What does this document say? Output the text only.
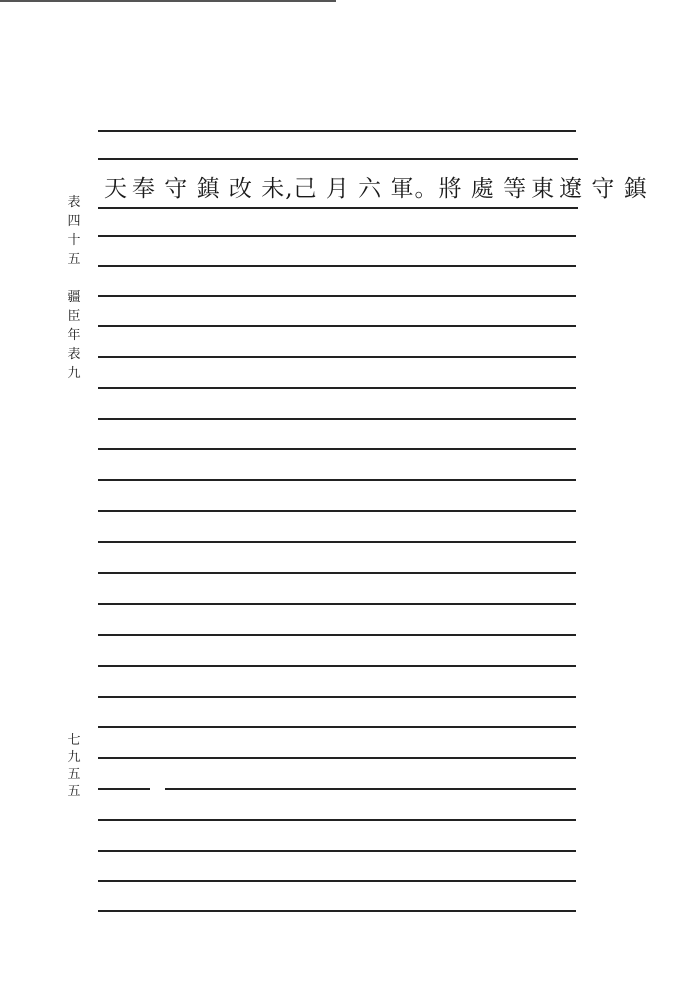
天 奉 守 鎮 改 未,己 月 六 軍。將 處 等 東 遼 守 鎮
表
四
十
五
疆
臣
年
表
九
七
九
五
五
